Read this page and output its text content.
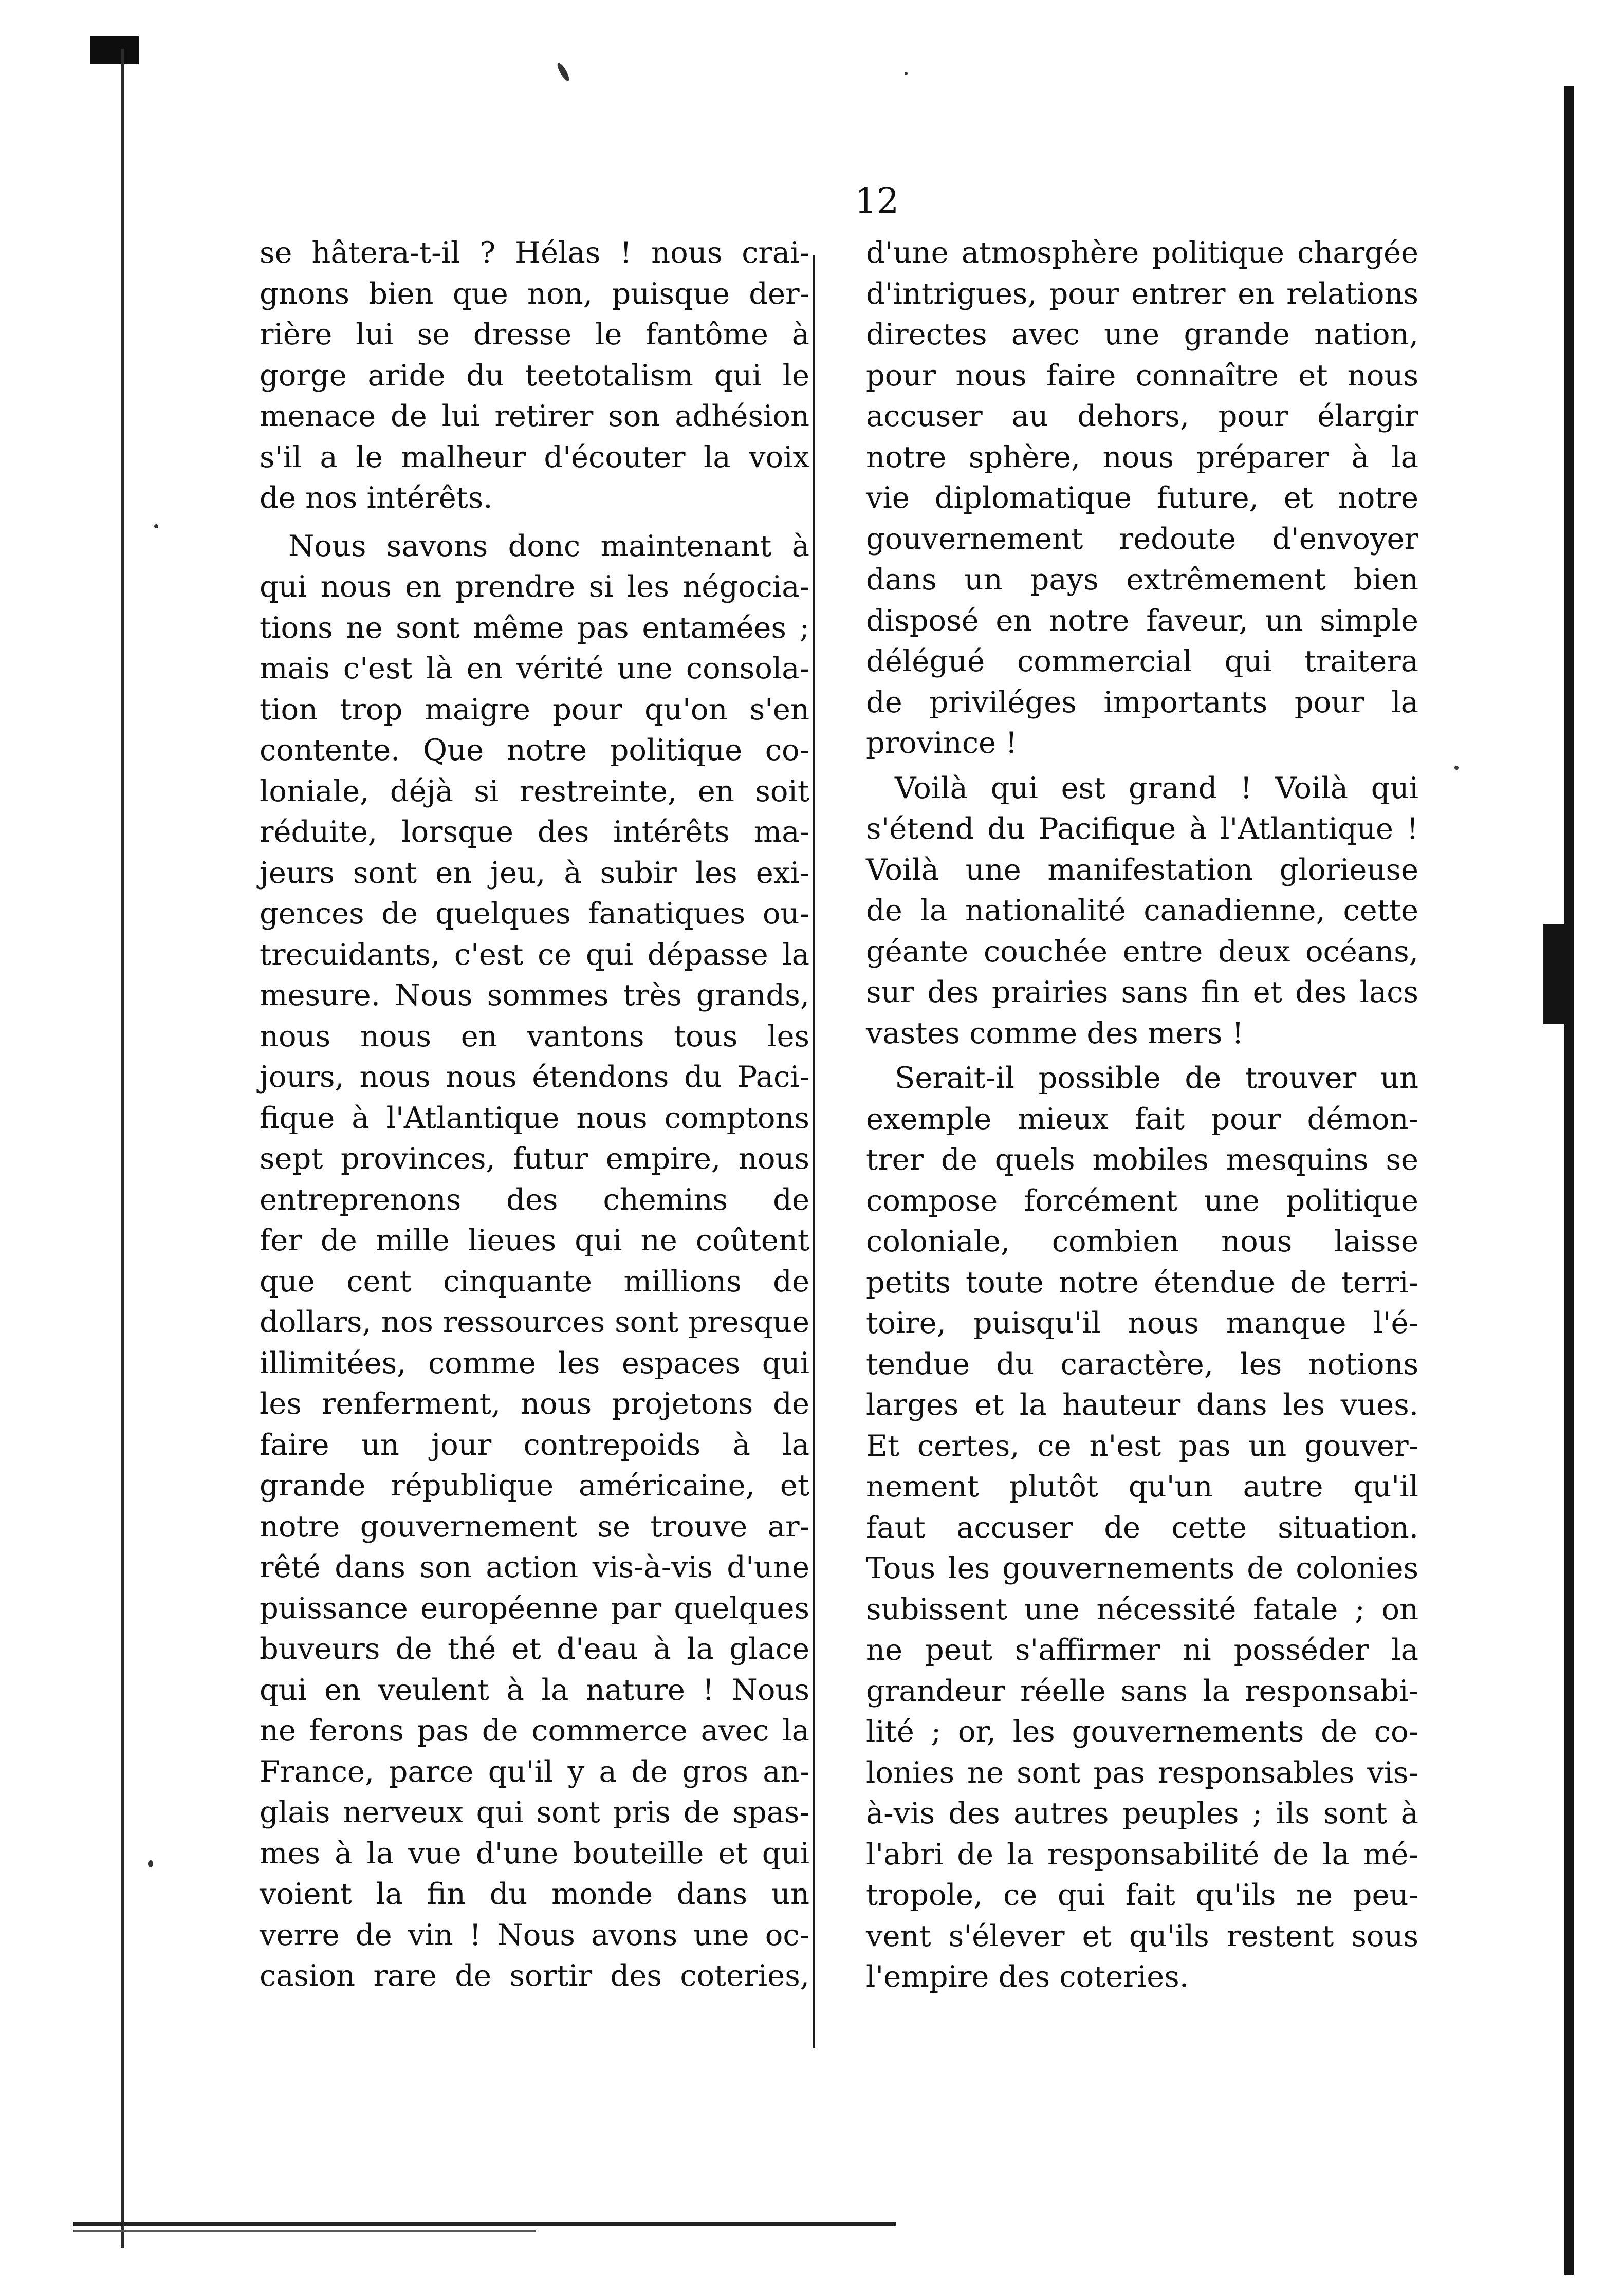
12
se hâtera-t-il ? Hélas ! nous crai-
gnons bien que non, puisque der-
rière lui se dresse le fantôme à
gorge aride du teetotalism qui le
menace de lui retirer son adhésion
s'il a le malheur d'écouter la voix
de nos intérêts.
Nous savons donc maintenant à
qui nous en prendre si les négocia-
tions ne sont même pas entamées ;
mais c'est là en vérité une consola-
tion trop maigre pour qu'on s'en
contente. Que notre politique co-
loniale, déjà si restreinte, en soit
réduite, lorsque des intérêts ma-
jeurs sont en jeu, à subir les exi-
gences de quelques fanatiques ou-
trecuidants, c'est ce qui dépasse la
mesure. Nous sommes très grands,
nous nous en vantons tous les
jours, nous nous étendons du Paci-
fique à l'Atlantique nous comptons
sept provinces, futur empire, nous
entreprenons des chemins de
fer de mille lieues qui ne coûtent
que cent cinquante millions de
dollars, nos ressources sont presque
illimitées, comme les espaces qui
les renferment, nous projetons de
faire un jour contrepoids à la
grande république américaine, et
notre gouvernement se trouve ar-
rêté dans son action vis-à-vis d'une
puissance européenne par quelques
buveurs de thé et d'eau à la glace
qui en veulent à la nature ! Nous
ne ferons pas de commerce avec la
France, parce qu'il y a de gros an-
glais nerveux qui sont pris de spas-
mes à la vue d'une bouteille et qui
voient la fin du monde dans un
verre de vin ! Nous avons une oc-
casion rare de sortir des coteries,
d'une atmosphère politique chargée
d'intrigues, pour entrer en relations
directes avec une grande nation,
pour nous faire connaître et nous
accuser au dehors, pour élargir
notre sphère, nous préparer à la
vie diplomatique future, et notre
gouvernement redoute d'envoyer
dans un pays extrêmement bien
disposé en notre faveur, un simple
délégué commercial qui traitera
de priviléges importants pour la
province !
Voilà qui est grand ! Voilà qui
s'étend du Pacifique à l'Atlantique !
Voilà une manifestation glorieuse
de la nationalité canadienne, cette
géante couchée entre deux océans,
sur des prairies sans fin et des lacs
vastes comme des mers !
Serait-il possible de trouver un
exemple mieux fait pour démon-
trer de quels mobiles mesquins se
compose forcément une politique
coloniale, combien nous laisse
petits toute notre étendue de terri-
toire, puisqu'il nous manque l'é-
tendue du caractère, les notions
larges et la hauteur dans les vues.
Et certes, ce n'est pas un gouver-
nement plutôt qu'un autre qu'il
faut accuser de cette situation.
Tous les gouvernements de colonies
subissent une nécessité fatale ; on
ne peut s'affirmer ni posséder la
grandeur réelle sans la responsabi-
lité ; or, les gouvernements de co-
lonies ne sont pas responsables vis-
à-vis des autres peuples ; ils sont à
l'abri de la responsabilité de la mé-
tropole, ce qui fait qu'ils ne peu-
vent s'élever et qu'ils restent sous
l'empire des coteries.
